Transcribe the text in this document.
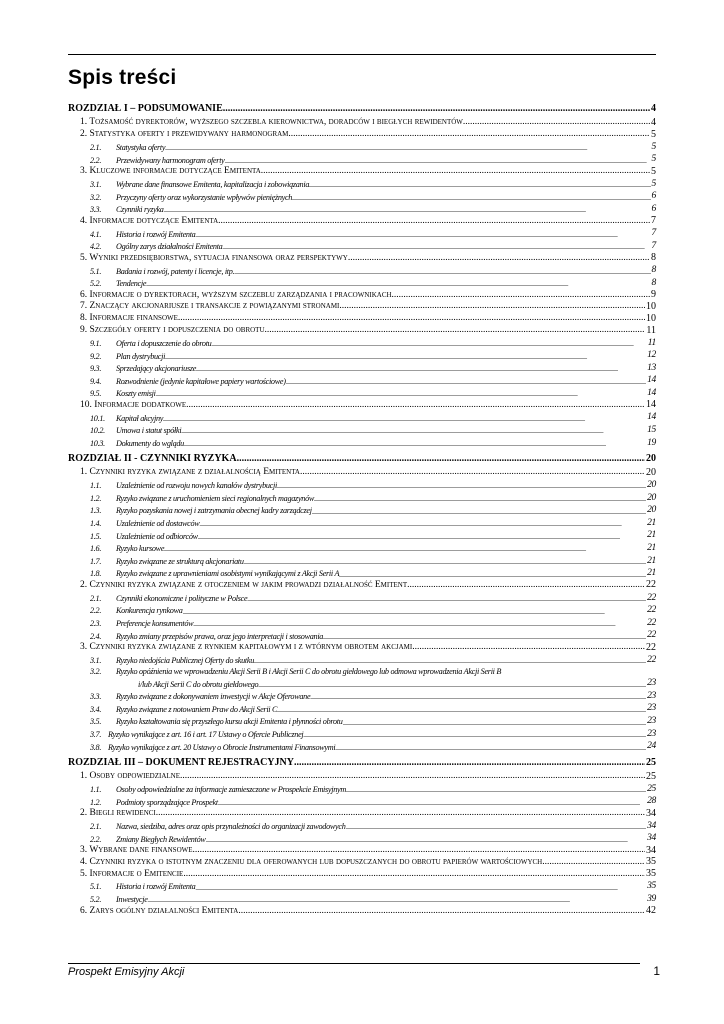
Spis treści
ROZDZIAŁ I – PODSUMOWANIE .....	4
1. Tożsamość dyrektorów, wyższego szczebla kierownictwa, doradców i biegłych rewidentów .....	4
2. Statystyka oferty i przewidywany harmonogram .....	5
2.1. Statystyka oferty .....	5
2.2. Przewidywany harmonogram oferty .....	5
3. Kluczowe informacje dotyczące Emitenta .....	5
3.1. Wybrane dane finansowe Emitenta, kapitalizacja i zobowiązania .....	5
3.2. Przyczyny oferty oraz wykorzystanie wpływów pieniężnych .....	6
3.3. Czynniki ryzyka .....	6
4. Informacje dotyczące Emitenta .....	7
4.1. Historia i rozwój Emitenta .....	7
4.2. Ogólny zarys działalności Emitenta .....	7
5. Wyniki przedsiębiorstwa, sytuacja finansowa oraz perspektywy .....	8
5.1. Badania i rozwój, patenty i licencje, itp. .....	8
5.2. Tendencje .....	8
6. Informacje o dyrektorach, wyższym szczeblu zarządzania i pracownikach .....	9
7. Znaczący akcjonariusze i transakcje z powiązanymi stronami .....	10
8. Informacje finansowe .....	10
9. Szczegóły oferty i dopuszczenia do obrotu .....	11
9.1. Oferta i dopuszczenie do obrotu .....	11
9.2. Plan dystrybucji .....	12
9.3. Sprzedający akcjonariusze .....	13
9.4. Rozwodnienie (jedynie kapitałowe papiery wartościowe) .....	14
9.5. Koszty emisji .....	14
10. Informacje dodatkowe .....	14
10.1. Kapitał akcyjny .....	14
10.2. Umowa i statut spółki .....	15
10.3. Dokumenty do wglądu .....	19
ROZDZIAŁ II - CZYNNIKI RYZYKA .....	20
1. Czynniki ryzyka związane z działalnością Emitenta .....	20
1.1. Uzależnienie od rozwoju nowych kanałów dystrybucji .....	20
1.2. Ryzyko związane z uruchomieniem sieci regionalnych magazynów .....	20
1.3. Ryzyko pozyskania nowej i zatrzymania obecnej kadry zarządczej .....	20
1.4. Uzależnienie od dostawców .....	21
1.5. Uzależnienie od odbiorców .....	21
1.6. Ryzyko kursowe .....	21
1.7. Ryzyko związane ze strukturą akcjonariatu .....	21
1.8. Ryzyko związane z uprawnieniami osobistymi wynikającymi z Akcji Serii A .....	21
2. Czynniki ryzyka związane z otoczeniem w jakim prowadzi działalność Emitent .....	22
2.1. Czynniki ekonomiczne i polityczne w Polsce .....	22
2.2. Konkurencja rynkowa .....	22
2.3. Preferencje konsumentów .....	22
2.4. Ryzyko zmiany przepisów prawa, oraz jego interpretacji i stosowania .....	22
3. Czynniki ryzyka związane z rynkiem kapitałowym i z wtórnym obrotem akcjami .....	22
3.1. Ryzyko niedojścia Publicznej Oferty do skutku .....	22
3.2.	Ryzyko opóźnienia we wprowadzeniu Akcji Serii B i Akcji Serii C do obrotu giełdowego lub odmowa wprowadzenia Akcji Serii B
i/lub Akcji Serii C do obrotu giełdowego .....	23
3.3. Ryzyko związane z dokonywaniem inwestycji w Akcje Oferowane .....	23
3.4. Ryzyko związane z notowaniem Praw do Akcji Serii C .....	23
3.5. Ryzyko kształtowania się przyszłego kursu akcji Emitenta i płynności obrotu .....	23
3.7. Ryzyko wynikające z art. 16 i art. 17 Ustawy o Ofercie Publicznej .....	23
3.8. Ryzyko wynikające z art. 20 Ustawy o Obrocie Instrumentami Finansowymi .....	24
ROZDZIAŁ III – DOKUMENT REJESTRACYJNY .....	25
1. Osoby odpowiedzialne .....	25
1.1. Osoby odpowiedzialne za informacje zamieszczone w Prospekcie Emisyjnym .....	25
1.2. Podmioty sporządzające Prospekt .....	28
2. Biegli rewidenci .....	34
2.1. Nazwa, siedziba, adres oraz opis przynależności do organizacji zawodowych .....	34
2.2. Zmiany Biegłych Rewidentów .....	34
3. Wybrane dane finansowe .....	34
4. Czynniki ryzyka o istotnym znaczeniu dla oferowanych lub dopuszczanych do obrotu papierów wartościowych .....	35
5. Informacje o Emitencie .....	35
5.1. Historia i rozwój Emitenta .....	35
5.2. Inwestycje .....	39
6. Zarys ogólny działalności Emitenta .....	42
Prospekt Emisyjny Akcji	1
